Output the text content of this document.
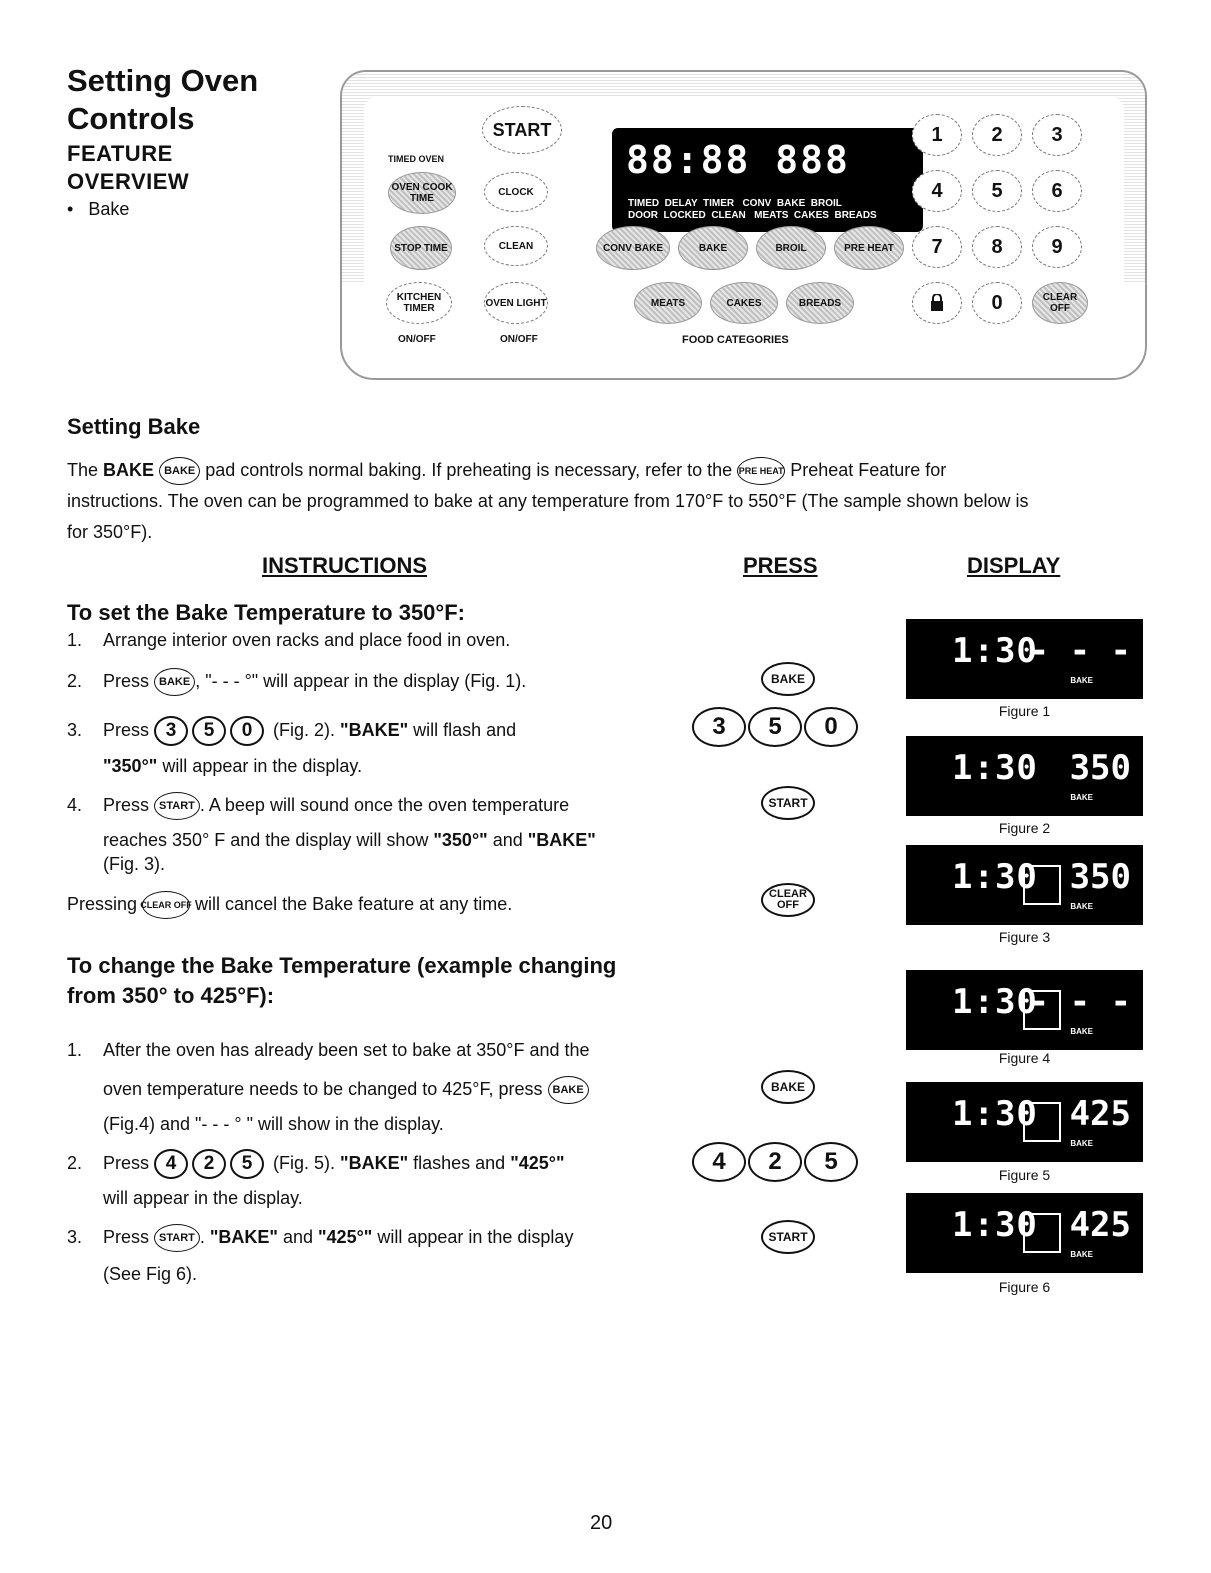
Setting Oven Controls
FEATURE OVERVIEW
•   Bake
START
TIMED OVEN
OVEN COOK TIME
CLOCK
STOP TIME	CLEAN
KITCHEN TIMER	OVEN LIGHT
ON/OFF	ON/OFF
88:88 888
TIMED  DELAY  TIMER   CONV  BAKE  BROIL
DOOR  LOCKED  CLEAN   MEATS  CAKES  BREADS
CONV BAKE	BAKE	BROIL	PRE HEAT
MEATS	CAKES	BREADS
FOOD CATEGORIES
1	2	3
4	5	6
7	8	9
0	CLEAR OFF
Setting Bake
The BAKE BAKE pad controls normal baking. If preheating is necessary, refer to the PRE HEAT Preheat Feature for
instructions. The oven can be programmed to bake at any temperature from 170°F to 550°F (The sample shown below is
for 350°F).
INSTRUCTIONS	PRESS	DISPLAY
To set the Bake Temperature to 350°F:
1. Arrange interior oven racks and place food in oven.
2. Press BAKE , "- - - °" will appear in the display (Fig. 1).
3. Press 3 5 0 (Fig. 2). "BAKE" will flash and
"350°" will appear in the display.
4. Press START . A beep will sound once the oven temperature
reaches 350° F and the display will show "350°" and "BAKE"
(Fig. 3).
Pressing CLEAR OFF will cancel the Bake feature at any time.
To change the Bake Temperature (example changing
from 350° to 425°F):
1. After the oven has already been set to bake at 350°F and the
oven temperature needs to be changed to 425°F, press BAKE
(Fig.4) and "- - - ° " will show in the display.
2. Press 4 2 5 (Fig. 5). "BAKE" flashes and "425°"
will appear in the display.
3. Press START . "BAKE" and "425°" will appear in the display
(See Fig 6).
BAKE
3	5	0
START
CLEAR OFF
BAKE
4	2	5
START
1:30
- - -
BAKE
Figure 1
1:30 350
BAKE
Figure 2
1:30 350
BAKE
Figure 3
1:30
- - -
BAKE
Figure 4
1:30 425
BAKE
Figure 5
1:30 425
BAKE
Figure 6
20
